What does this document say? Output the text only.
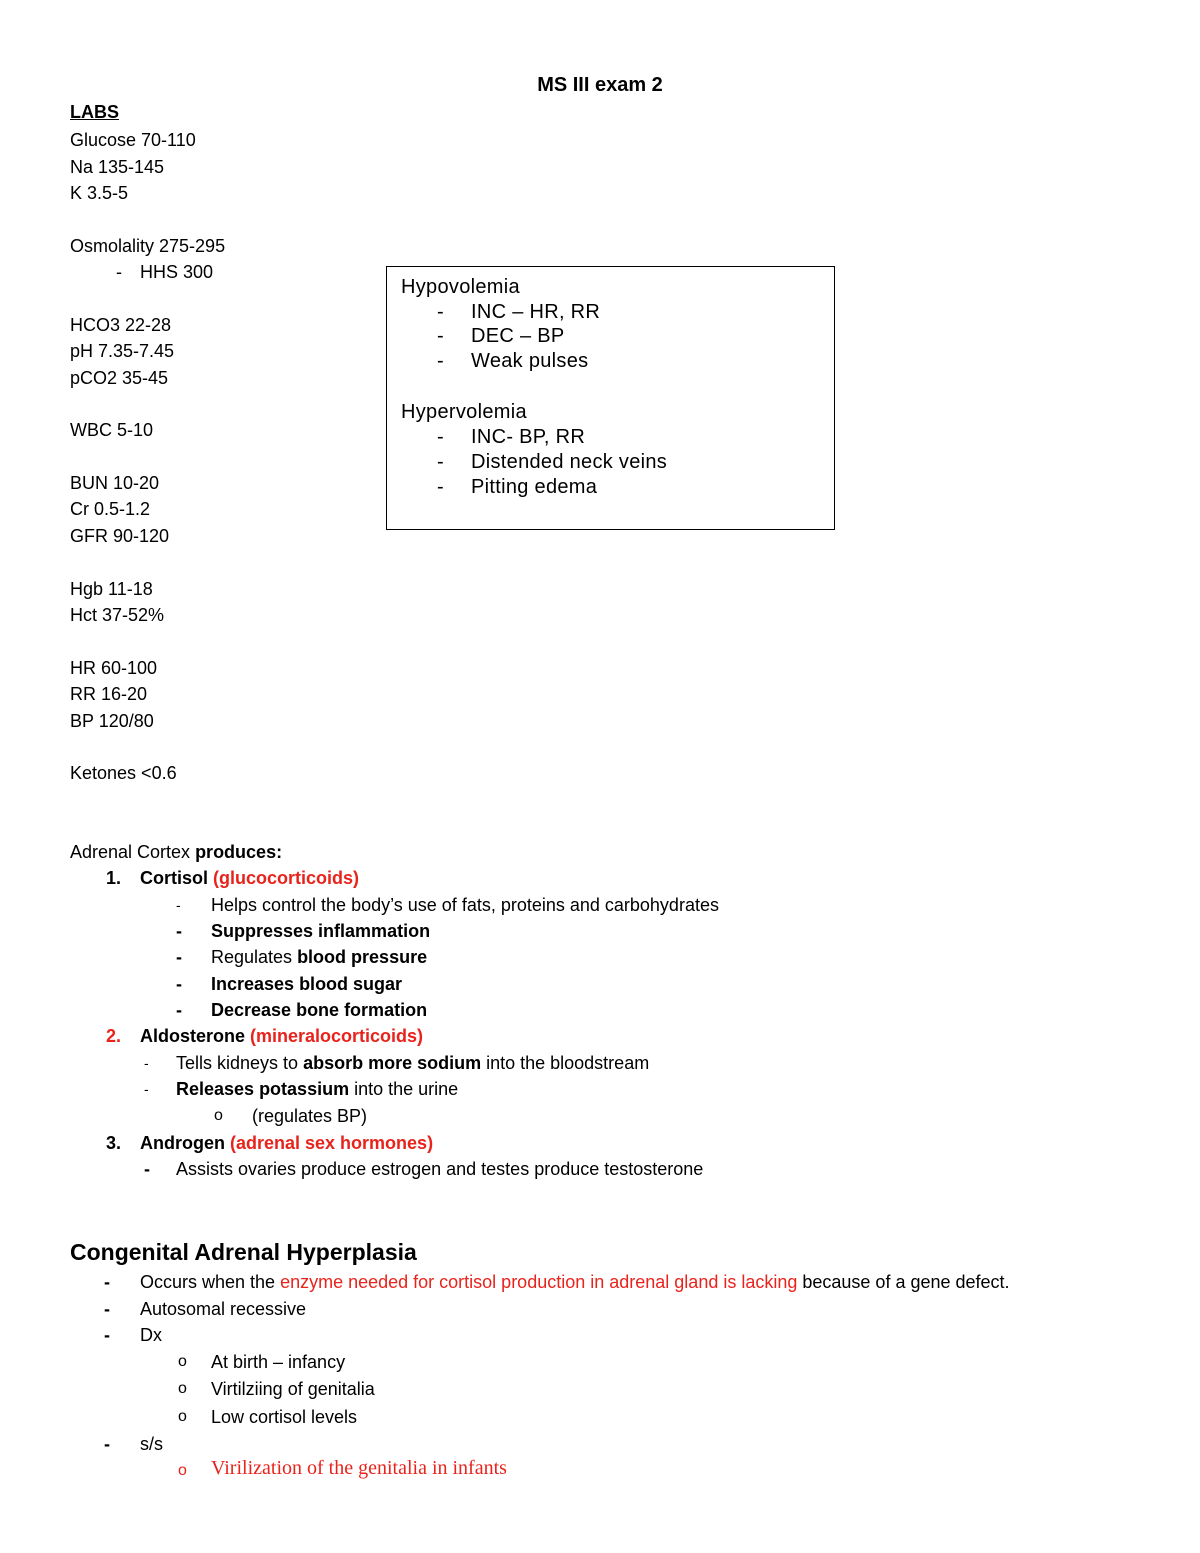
MS III exam 2
LABS
Glucose 70-110
Na 135-145
K 3.5-5
Osmolality 275-295
- HHS 300
HCO3 22-28
pH 7.35-7.45
pCO2 35-45
WBC 5-10
BUN 10-20
Cr 0.5-1.2
GFR 90-120
Hgb 11-18
Hct 37-52%
HR 60-100
RR 16-20
BP 120/80
Ketones <0.6
Hypovolemia
- INC – HR, RR
- DEC – BP
- Weak pulses
Hypervolemia
- INC- BP, RR
- Distended neck veins
- Pitting edema
Adrenal Cortex produces:
1. Cortisol (glucocorticoids)
- Helps control the body’s use of fats, proteins and carbohydrates
- Suppresses inflammation
- Regulates blood pressure
- Increases blood sugar
- Decrease bone formation
2. Aldosterone (mineralocorticoids)
- Tells kidneys to absorb more sodium into the bloodstream
- Releases potassium into the urine
o (regulates BP)
3. Androgen (adrenal sex hormones)
- Assists ovaries produce estrogen and testes produce testosterone
Congenital Adrenal Hyperplasia
- Occurs when the enzyme needed for cortisol production in adrenal gland is lacking because of a gene defect.
- Autosomal recessive
- Dx
o At birth – infancy
o Virtilziing of genitalia
o Low cortisol levels
- s/s
o Virilization of the genitalia in infants
